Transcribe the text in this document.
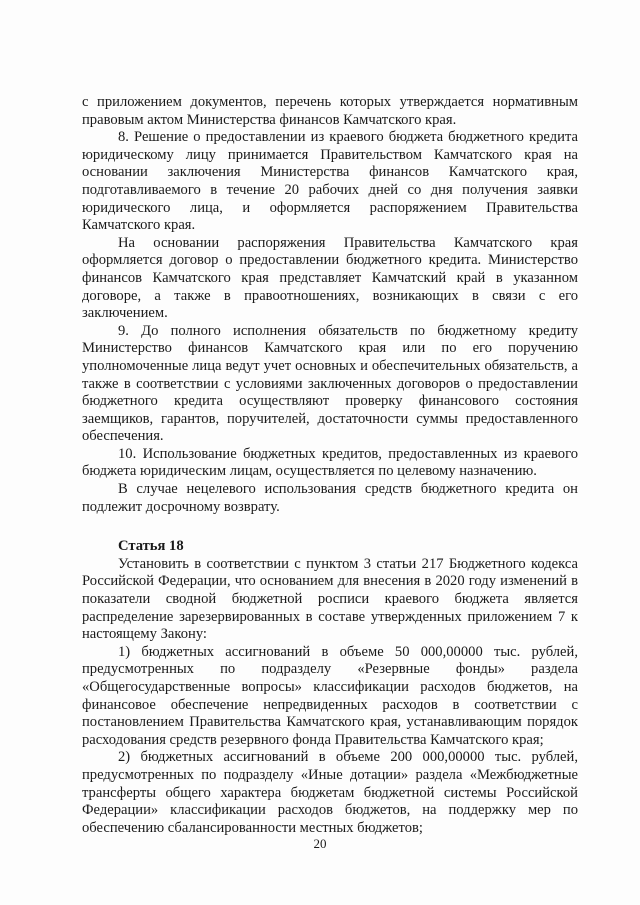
с приложением документов, перечень которых утверждается нормативным правовым актом Министерства финансов Камчатского края.

8. Решение о предоставлении из краевого бюджета бюджетного кредита юридическому лицу принимается Правительством Камчатского края на основании заключения Министерства финансов Камчатского края, подготавливаемого в течение 20 рабочих дней со дня получения заявки юридического лица, и оформляется распоряжением Правительства Камчатского края.

На основании распоряжения Правительства Камчатского края оформляется договор о предоставлении бюджетного кредита. Министерство финансов Камчатского края представляет Камчатский край в указанном договоре, а также в правоотношениях, возникающих в связи с его заключением.

9. До полного исполнения обязательств по бюджетному кредиту Министерство финансов Камчатского края или по его поручению уполномоченные лица ведут учет основных и обеспечительных обязательств, а также в соответствии с условиями заключенных договоров о предоставлении бюджетного кредита осуществляют проверку финансового состояния заемщиков, гарантов, поручителей, достаточности суммы предоставленного обеспечения.

10. Использование бюджетных кредитов, предоставленных из краевого бюджета юридическим лицам, осуществляется по целевому назначению.

В случае нецелевого использования средств бюджетного кредита он подлежит досрочному возврату.

Статья 18

Установить в соответствии с пунктом 3 статьи 217 Бюджетного кодекса Российской Федерации, что основанием для внесения в 2020 году изменений в показатели сводной бюджетной росписи краевого бюджета является распределение зарезервированных в составе утвержденных приложением 7 к настоящему Закону:

1) бюджетных ассигнований в объеме 50 000,00000 тыс. рублей, предусмотренных по подразделу «Резервные фонды» раздела «Общегосударственные вопросы» классификации расходов бюджетов, на финансовое обеспечение непредвиденных расходов в соответствии с постановлением Правительства Камчатского края, устанавливающим порядок расходования средств резервного фонда Правительства Камчатского края;

2) бюджетных ассигнований в объеме 200 000,00000 тыс. рублей, предусмотренных по подразделу «Иные дотации» раздела «Межбюджетные трансферты общего характера бюджетам бюджетной системы Российской Федерации» классификации расходов бюджетов, на поддержку мер по обеспечению сбалансированности местных бюджетов;

20
